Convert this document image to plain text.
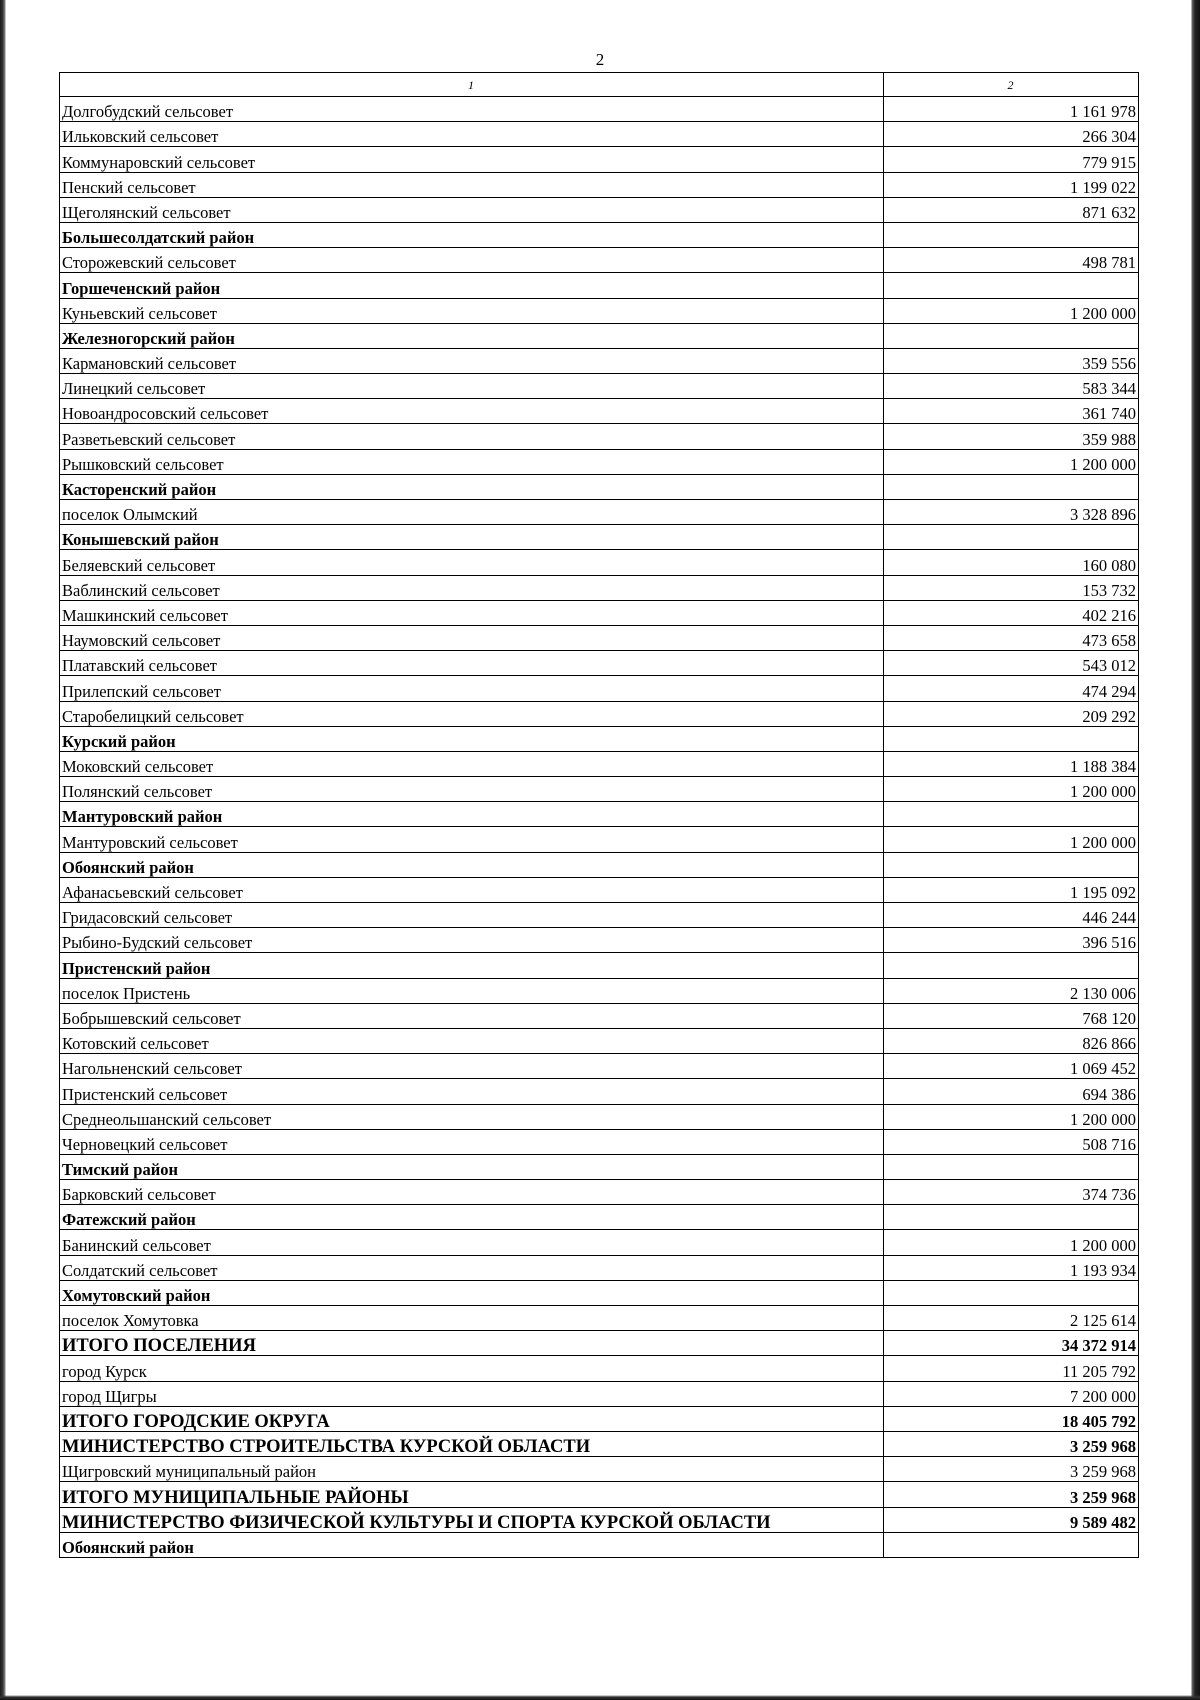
2
1	2
Долгобудский сельсовет	1 161 978
Ильковский сельсовет	266 304
Коммунаровский сельсовет	779 915
Пенский сельсовет	1 199 022
Щеголянский сельсовет	871 632
Большесолдатский район	
Сторожевский сельсовет	498 781
Горшеченский район	
Куньевский сельсовет	1 200 000
Железногорский район	
Кармановский сельсовет	359 556
Линецкий сельсовет	583 344
Новоандросовский сельсовет	361 740
Разветьевский сельсовет	359 988
Рышковский сельсовет	1 200 000
Касторенский район	
поселок Олымский	3 328 896
Конышевский район	
Беляевский сельсовет	160 080
Ваблинский сельсовет	153 732
Машкинский сельсовет	402 216
Наумовский сельсовет	473 658
Платавский сельсовет	543 012
Прилепский сельсовет	474 294
Старобелицкий сельсовет	209 292
Курский район	
Моковский сельсовет	1 188 384
Полянский сельсовет	1 200 000
Мантуровский район	
Мантуровский сельсовет	1 200 000
Обоянский район	
Афанасьевский сельсовет	1 195 092
Гридасовский сельсовет	446 244
Рыбино-Будский сельсовет	396 516
Пристенский район	
поселок Пристень	2 130 006
Бобрышевский сельсовет	768 120
Котовский сельсовет	826 866
Нагольненский сельсовет	1 069 452
Пристенский сельсовет	694 386
Среднеольшанский сельсовет	1 200 000
Черновецкий сельсовет	508 716
Тимский район	
Барковский сельсовет	374 736
Фатежский район	
Банинский сельсовет	1 200 000
Солдатский сельсовет	1 193 934
Хомутовский район	
поселок Хомутовка	2 125 614
ИТОГО ПОСЕЛЕНИЯ	34 372 914
город Курск	11 205 792
город Щигры	7 200 000
ИТОГО ГОРОДСКИЕ ОКРУГА	18 405 792
МИНИСТЕРСТВО СТРОИТЕЛЬСТВА КУРСКОЙ ОБЛАСТИ	3 259 968
Щигровский муниципальный район	3 259 968
ИТОГО МУНИЦИПАЛЬНЫЕ РАЙОНЫ	3 259 968
МИНИСТЕРСТВО ФИЗИЧЕСКОЙ КУЛЬТУРЫ И СПОРТА КУРСКОЙ ОБЛАСТИ	9 589 482
Обоянский район	
